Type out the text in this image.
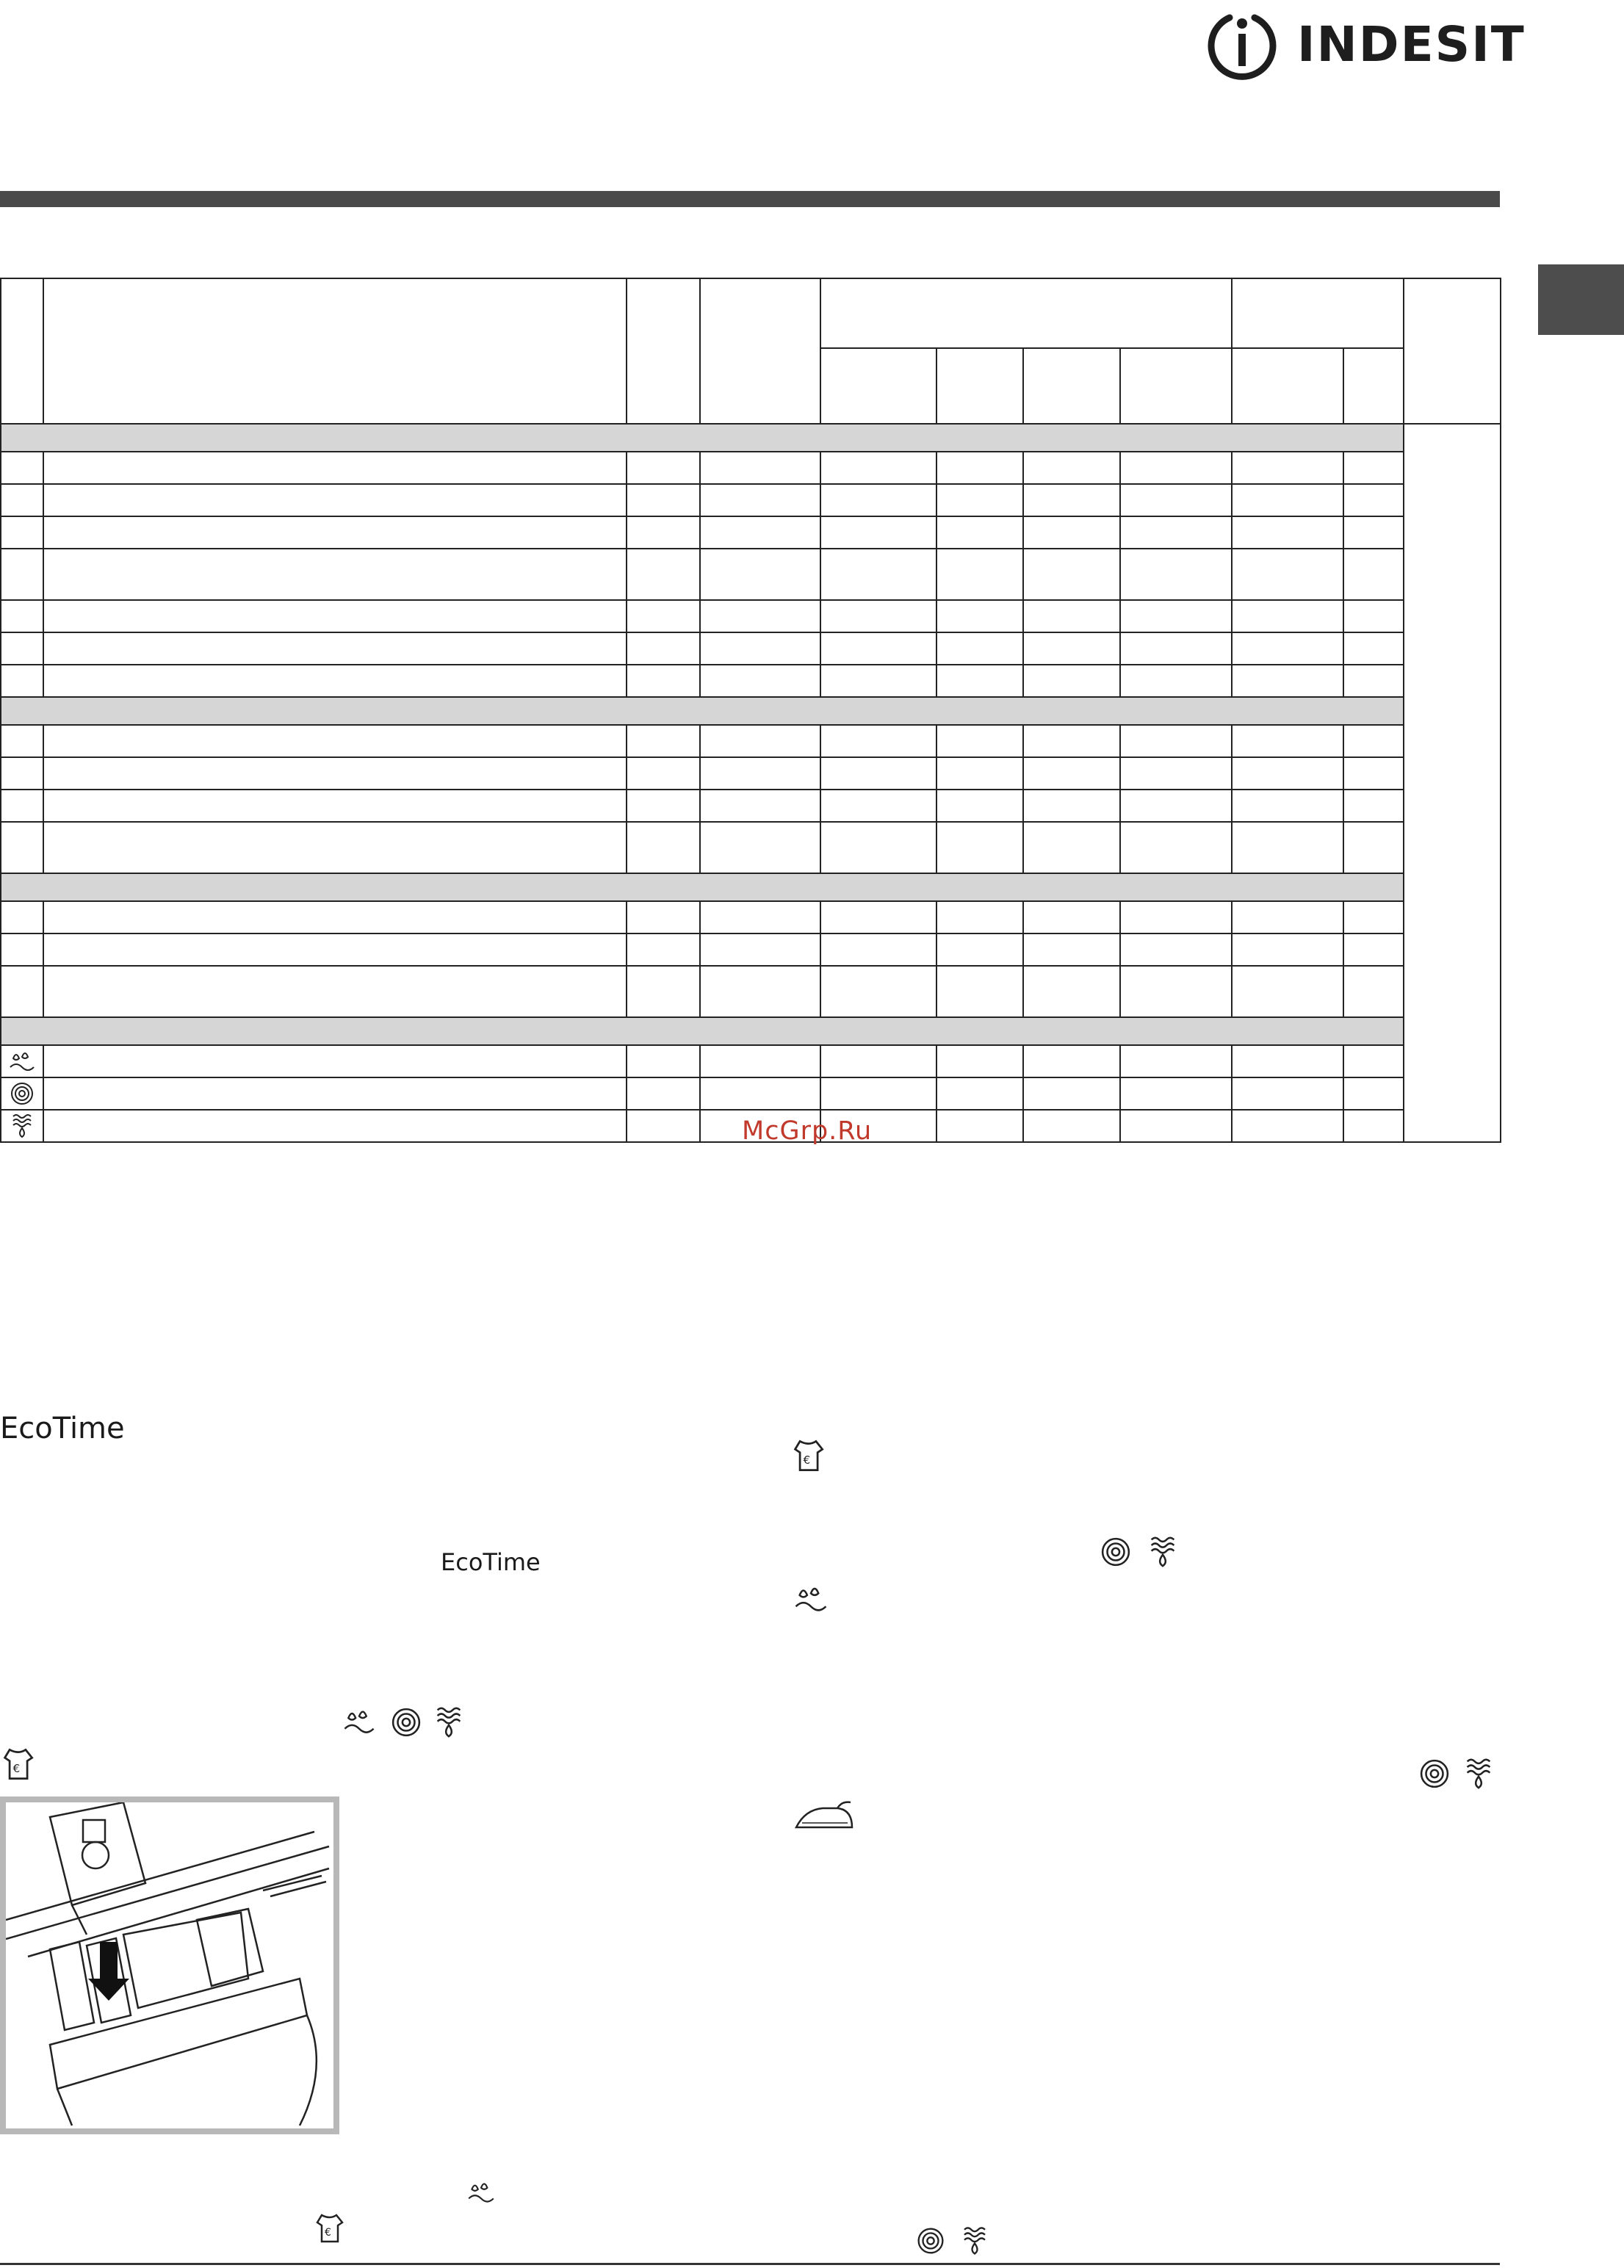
INDESIT

McGrp.Ru
EcoTime
EcoTime
€
€
€
